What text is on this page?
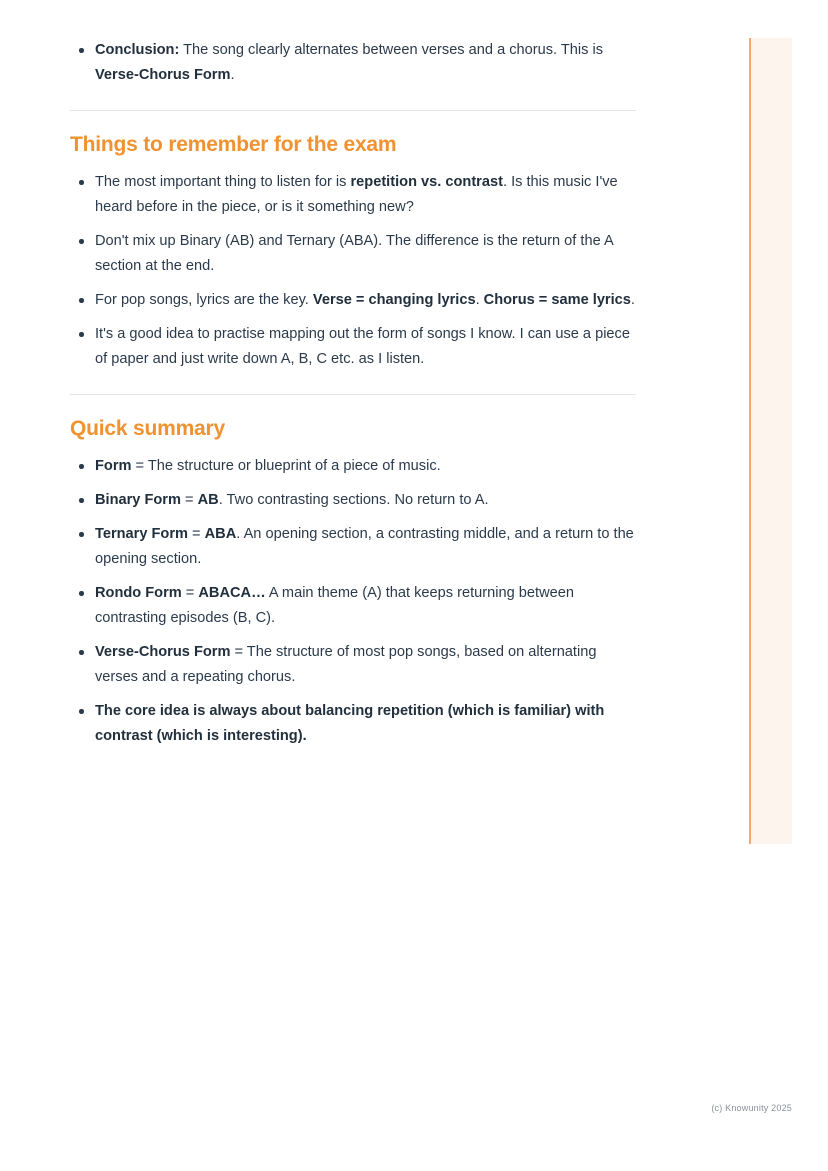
Conclusion: The song clearly alternates between verses and a chorus. This is Verse-Chorus Form.
Things to remember for the exam
The most important thing to listen for is repetition vs. contrast. Is this music I've heard before in the piece, or is it something new?
Don't mix up Binary (AB) and Ternary (ABA). The difference is the return of the A section at the end.
For pop songs, lyrics are the key. Verse = changing lyrics. Chorus = same lyrics.
It's a good idea to practise mapping out the form of songs I know. I can use a piece of paper and just write down A, B, C etc. as I listen.
Quick summary
Form = The structure or blueprint of a piece of music.
Binary Form = AB. Two contrasting sections. No return to A.
Ternary Form = ABA. An opening section, a contrasting middle, and a return to the opening section.
Rondo Form = ABACA… A main theme (A) that keeps returning between contrasting episodes (B, C).
Verse-Chorus Form = The structure of most pop songs, based on alternating verses and a repeating chorus.
The core idea is always about balancing repetition (which is familiar) with contrast (which is interesting).
(c) Knowunity 2025
